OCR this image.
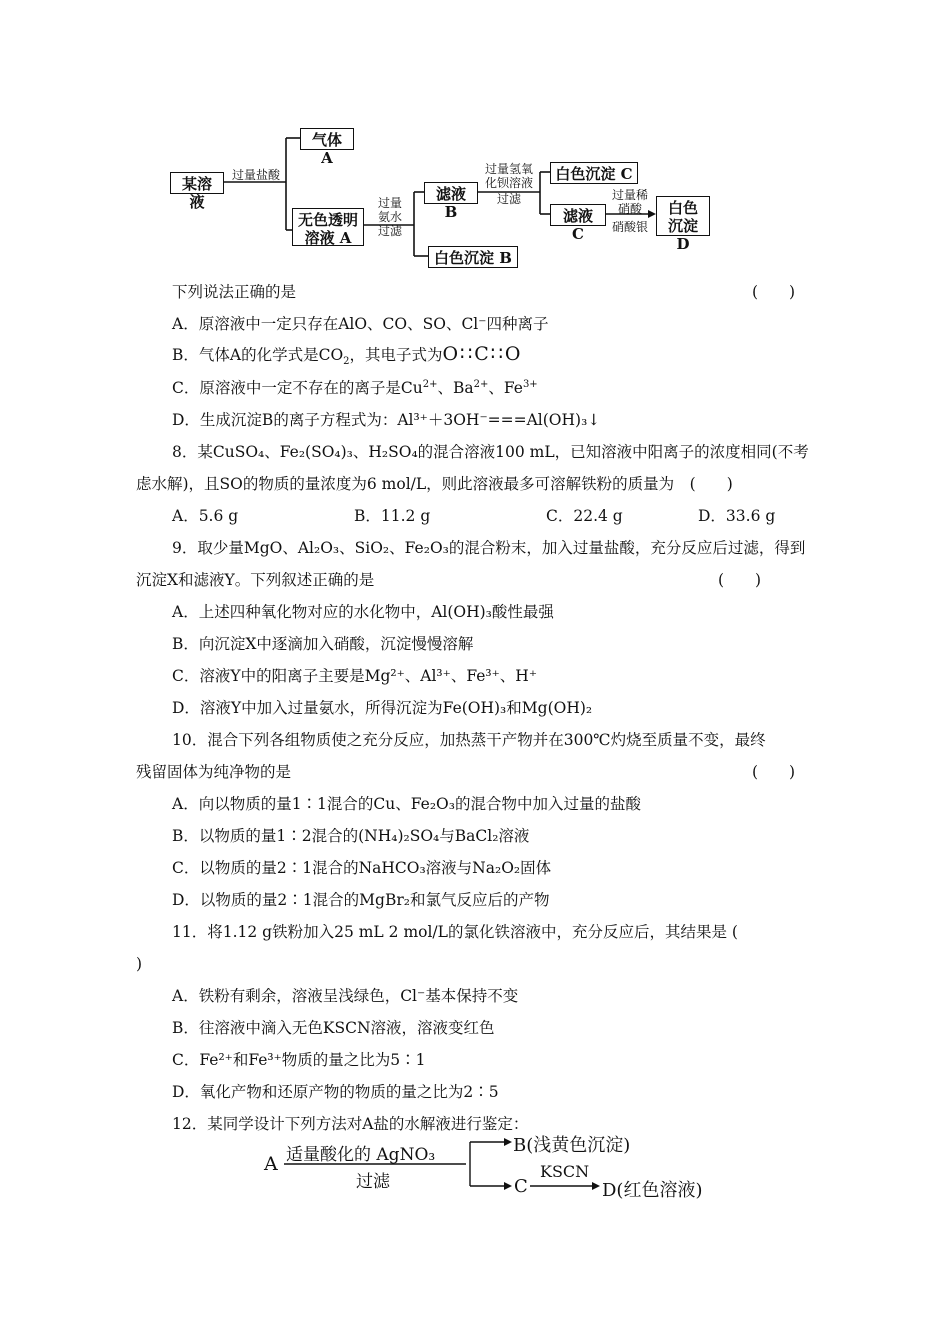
某溶液
过量盐酸
气体 A
无色透明
溶液 A
过量
氨水
过滤
滤液 B
白色沉淀 B
过量氢氧
化钡溶液
过滤
白色沉淀 C
滤液 C
过量稀
硝酸
硝酸银
白色
沉淀 D
下列说法正确的是	(　　)
A．原溶液中一定只存在AlO、CO、SO、Cl⁻四种离子
B．气体A的化学式是$CO_2$，其电子式为O∷C∷O
C．原溶液中一定不存在的离子是$Cu^{2+}$、$Ba^{2+}$、$Fe^{3+}$
D．生成沉淀B的离子方程式为：Al³⁺＋3OH⁻===Al(OH)₃↓
8．某CuSO₄、Fe₂(SO₄)₃、H₂SO₄的混合溶液100 mL，已知溶液中阳离子的浓度相同(不考
虑水解)，且SO的物质的量浓度为6 mol/L，则此溶液最多可溶解铁粉的质量为　(　　)
A．5.6 g	B．11.2 g	C．22.4 g	D．33.6 g
9．取少量MgO、Al₂O₃、SiO₂、Fe₂O₃的混合粉末，加入过量盐酸，充分反应后过滤，得到
沉淀X和滤液Y。下列叙述正确的是	(　　)
A．上述四种氧化物对应的水化物中，Al(OH)₃酸性最强
B．向沉淀X中逐滴加入硝酸，沉淀慢慢溶解
C．溶液Y中的阳离子主要是Mg²⁺、Al³⁺、Fe³⁺、H⁺
D．溶液Y中加入过量氨水，所得沉淀为Fe(OH)₃和Mg(OH)₂
10．混合下列各组物质使之充分反应，加热蒸干产物并在300℃灼烧至质量不变，最终
残留固体为纯净物的是	(　　)
A．向以物质的量1∶1混合的Cu、Fe₂O₃的混合物中加入过量的盐酸
B．以物质的量1∶2混合的(NH₄)₂SO₄与BaCl₂溶液
C．以物质的量2∶1混合的NaHCO₃溶液与Na₂O₂固体
D．以物质的量2∶1混合的MgBr₂和氯气反应后的产物
11．将1.12 g铁粉加入25 mL 2 mol/L的氯化铁溶液中，充分反应后，其结果是 (
)
A．铁粉有剩余，溶液呈浅绿色，Cl⁻基本保持不变
B．往溶液中滴入无色KSCN溶液，溶液变红色
C．Fe²⁺和Fe³⁺物质的量之比为5∶1
D．氧化产物和还原产物的物质的量之比为2∶5
12．某同学设计下列方法对A盐的水解液进行鉴定：
A 适量酸化的 AgNO₃
过滤
B(浅黄色沉淀)
C
KSCN
D(红色溶液)
